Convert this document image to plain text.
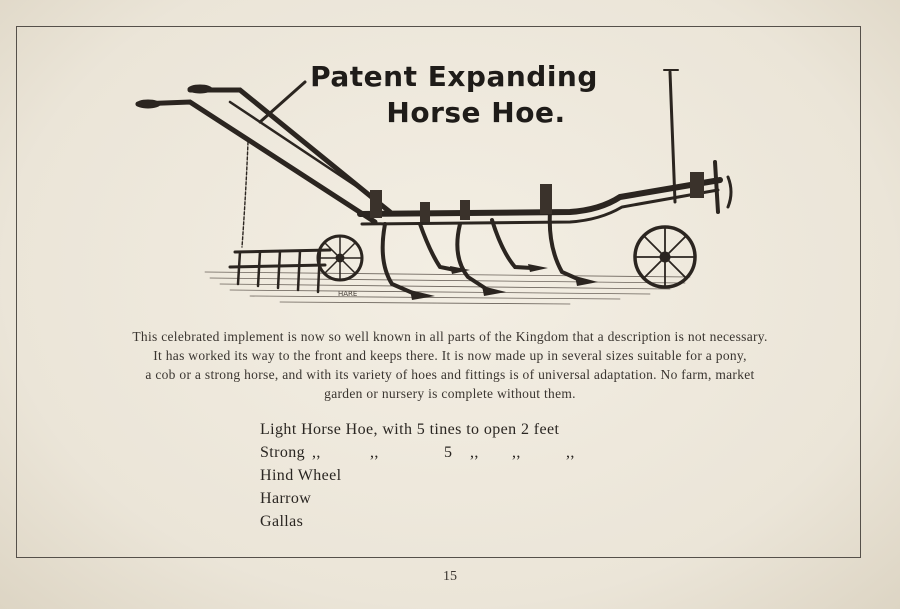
Patent Expanding
Horse Hoe.
HARE
This celebrated implement is now so well known in all parts of the Kingdom that a description is not necessary.
It has worked its way to the front and keeps there. It is now made up in several sizes suitable for a pony,
a cob or a strong horse, and with its variety of hoes and fittings is of universal adaptation. No farm, market
garden or nursery is complete without them.
Light Horse Hoe, with 5 tines to open 2 feet
Strong ,,	,,	5 ,, ,,	,,
Hind Wheel
Harrow
Gallas
15
